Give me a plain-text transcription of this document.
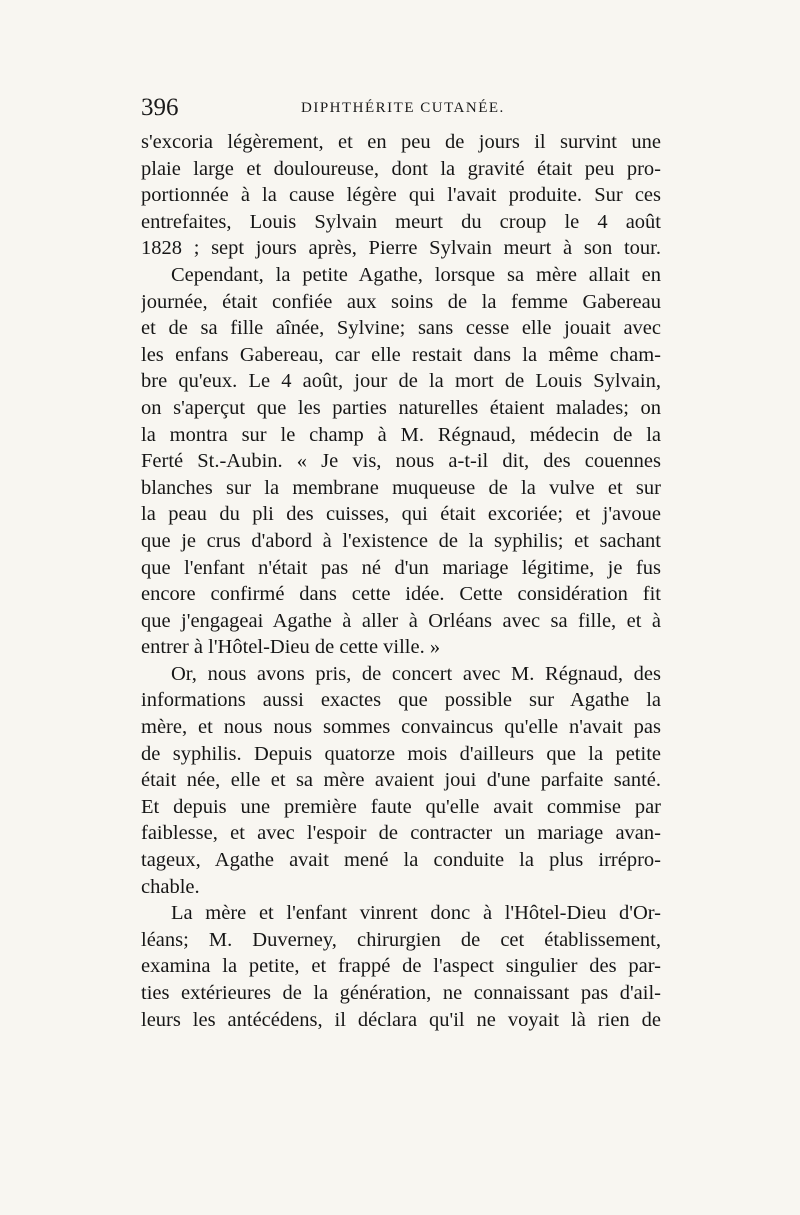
396	DIPHTHÉRITE CUTANÉE.
s'excoria légèrement, et en peu de jours il survint une
plaie large et douloureuse, dont la gravité était peu pro-
portionnée à la cause légère qui l'avait produite. Sur ces
entrefaites, Louis Sylvain meurt du croup le 4 août
1828 ; sept jours après, Pierre Sylvain meurt à son tour.
Cependant, la petite Agathe, lorsque sa mère allait en
journée, était confiée aux soins de la femme Gabereau
et de sa fille aînée, Sylvine; sans cesse elle jouait avec
les enfans Gabereau, car elle restait dans la même cham-
bre qu'eux. Le 4 août, jour de la mort de Louis Sylvain,
on s'aperçut que les parties naturelles étaient malades; on
la montra sur le champ à M. Régnaud, médecin de la
Ferté St.-Aubin. « Je vis, nous a-t-il dit, des couennes
blanches sur la membrane muqueuse de la vulve et sur
la peau du pli des cuisses, qui était excoriée; et j'avoue
que je crus d'abord à l'existence de la syphilis; et sachant
que l'enfant n'était pas né d'un mariage légitime, je fus
encore confirmé dans cette idée. Cette considération fit
que j'engageai Agathe à aller à Orléans avec sa fille, et à
entrer à l'Hôtel-Dieu de cette ville. »
Or, nous avons pris, de concert avec M. Régnaud, des
informations aussi exactes que possible sur Agathe la
mère, et nous nous sommes convaincus qu'elle n'avait pas
de syphilis. Depuis quatorze mois d'ailleurs que la petite
était née, elle et sa mère avaient joui d'une parfaite santé.
Et depuis une première faute qu'elle avait commise par
faiblesse, et avec l'espoir de contracter un mariage avan-
tageux, Agathe avait mené la conduite la plus irrépro-
chable.
La mère et l'enfant vinrent donc à l'Hôtel-Dieu d'Or-
léans; M. Duverney, chirurgien de cet établissement,
examina la petite, et frappé de l'aspect singulier des par-
ties extérieures de la génération, ne connaissant pas d'ail-
leurs les antécédens, il déclara qu'il ne voyait là rien de
